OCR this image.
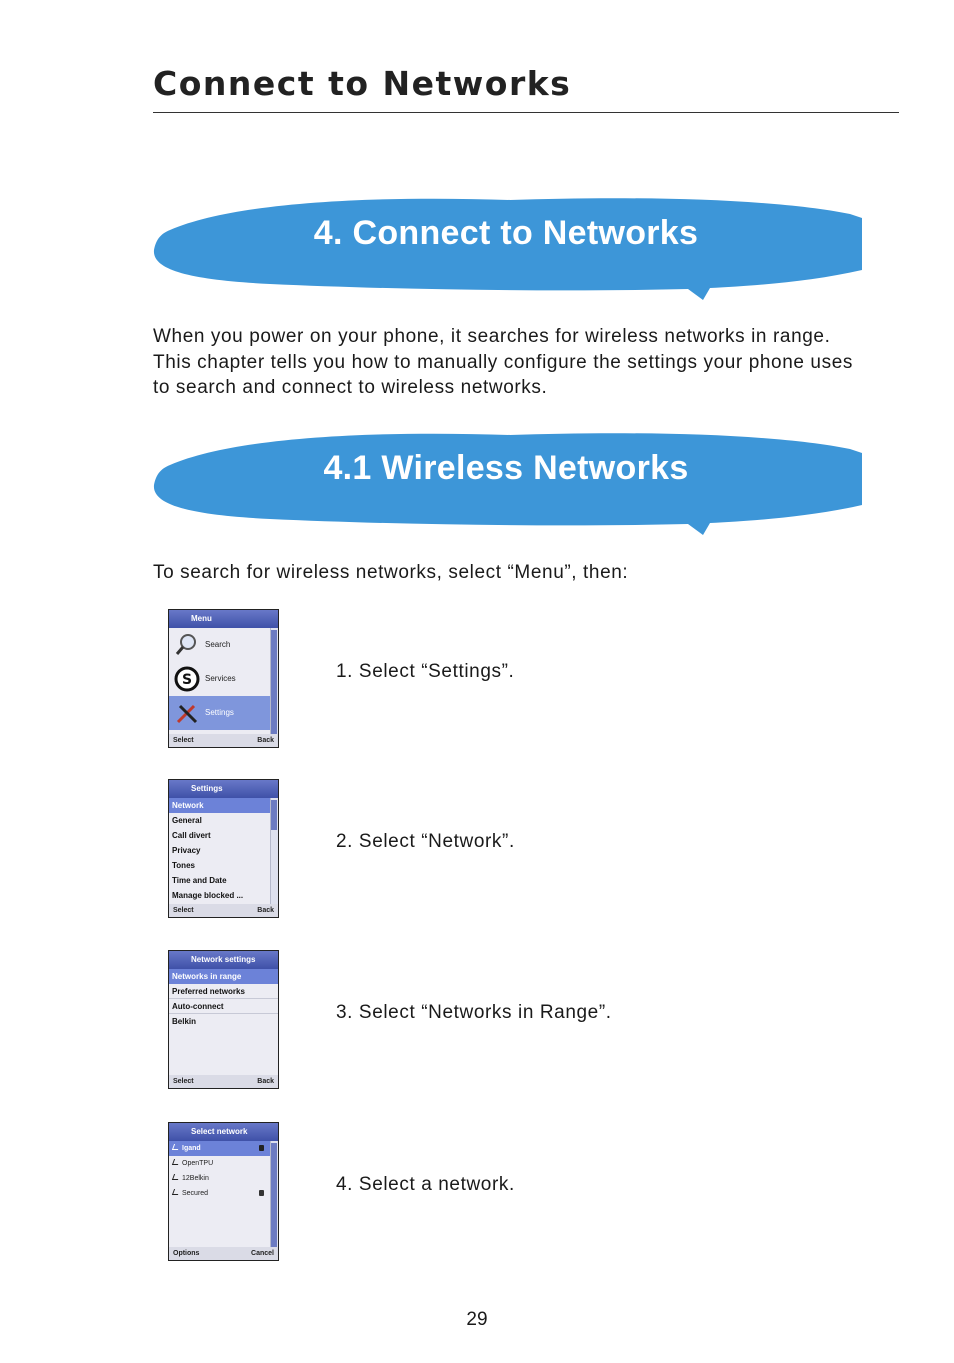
Connect to Networks
4. Connect to Networks

When you power on your phone, it searches for wireless networks in range. This chapter tells you how to manually configure the settings your phone uses to search and connect to wireless networks.

4.1 Wireless Networks

To search for wireless networks, select “Menu”, then:

Menu
Search
S Services
Settings
Select	Back
1. Select “Settings”.
Settings
Network
General
Call divert
Privacy
Tones
Time and Date
Manage blocked ...
Select	Back
2. Select “Network”.
Network settings
Networks in range
Preferred networks
Auto-connect
Belkin
Select	Back
3. Select “Networks in Range”.
Select network
Igand
OpenTPU
12Belkin
Secured
Options	Cancel
4. Select a network.
29
